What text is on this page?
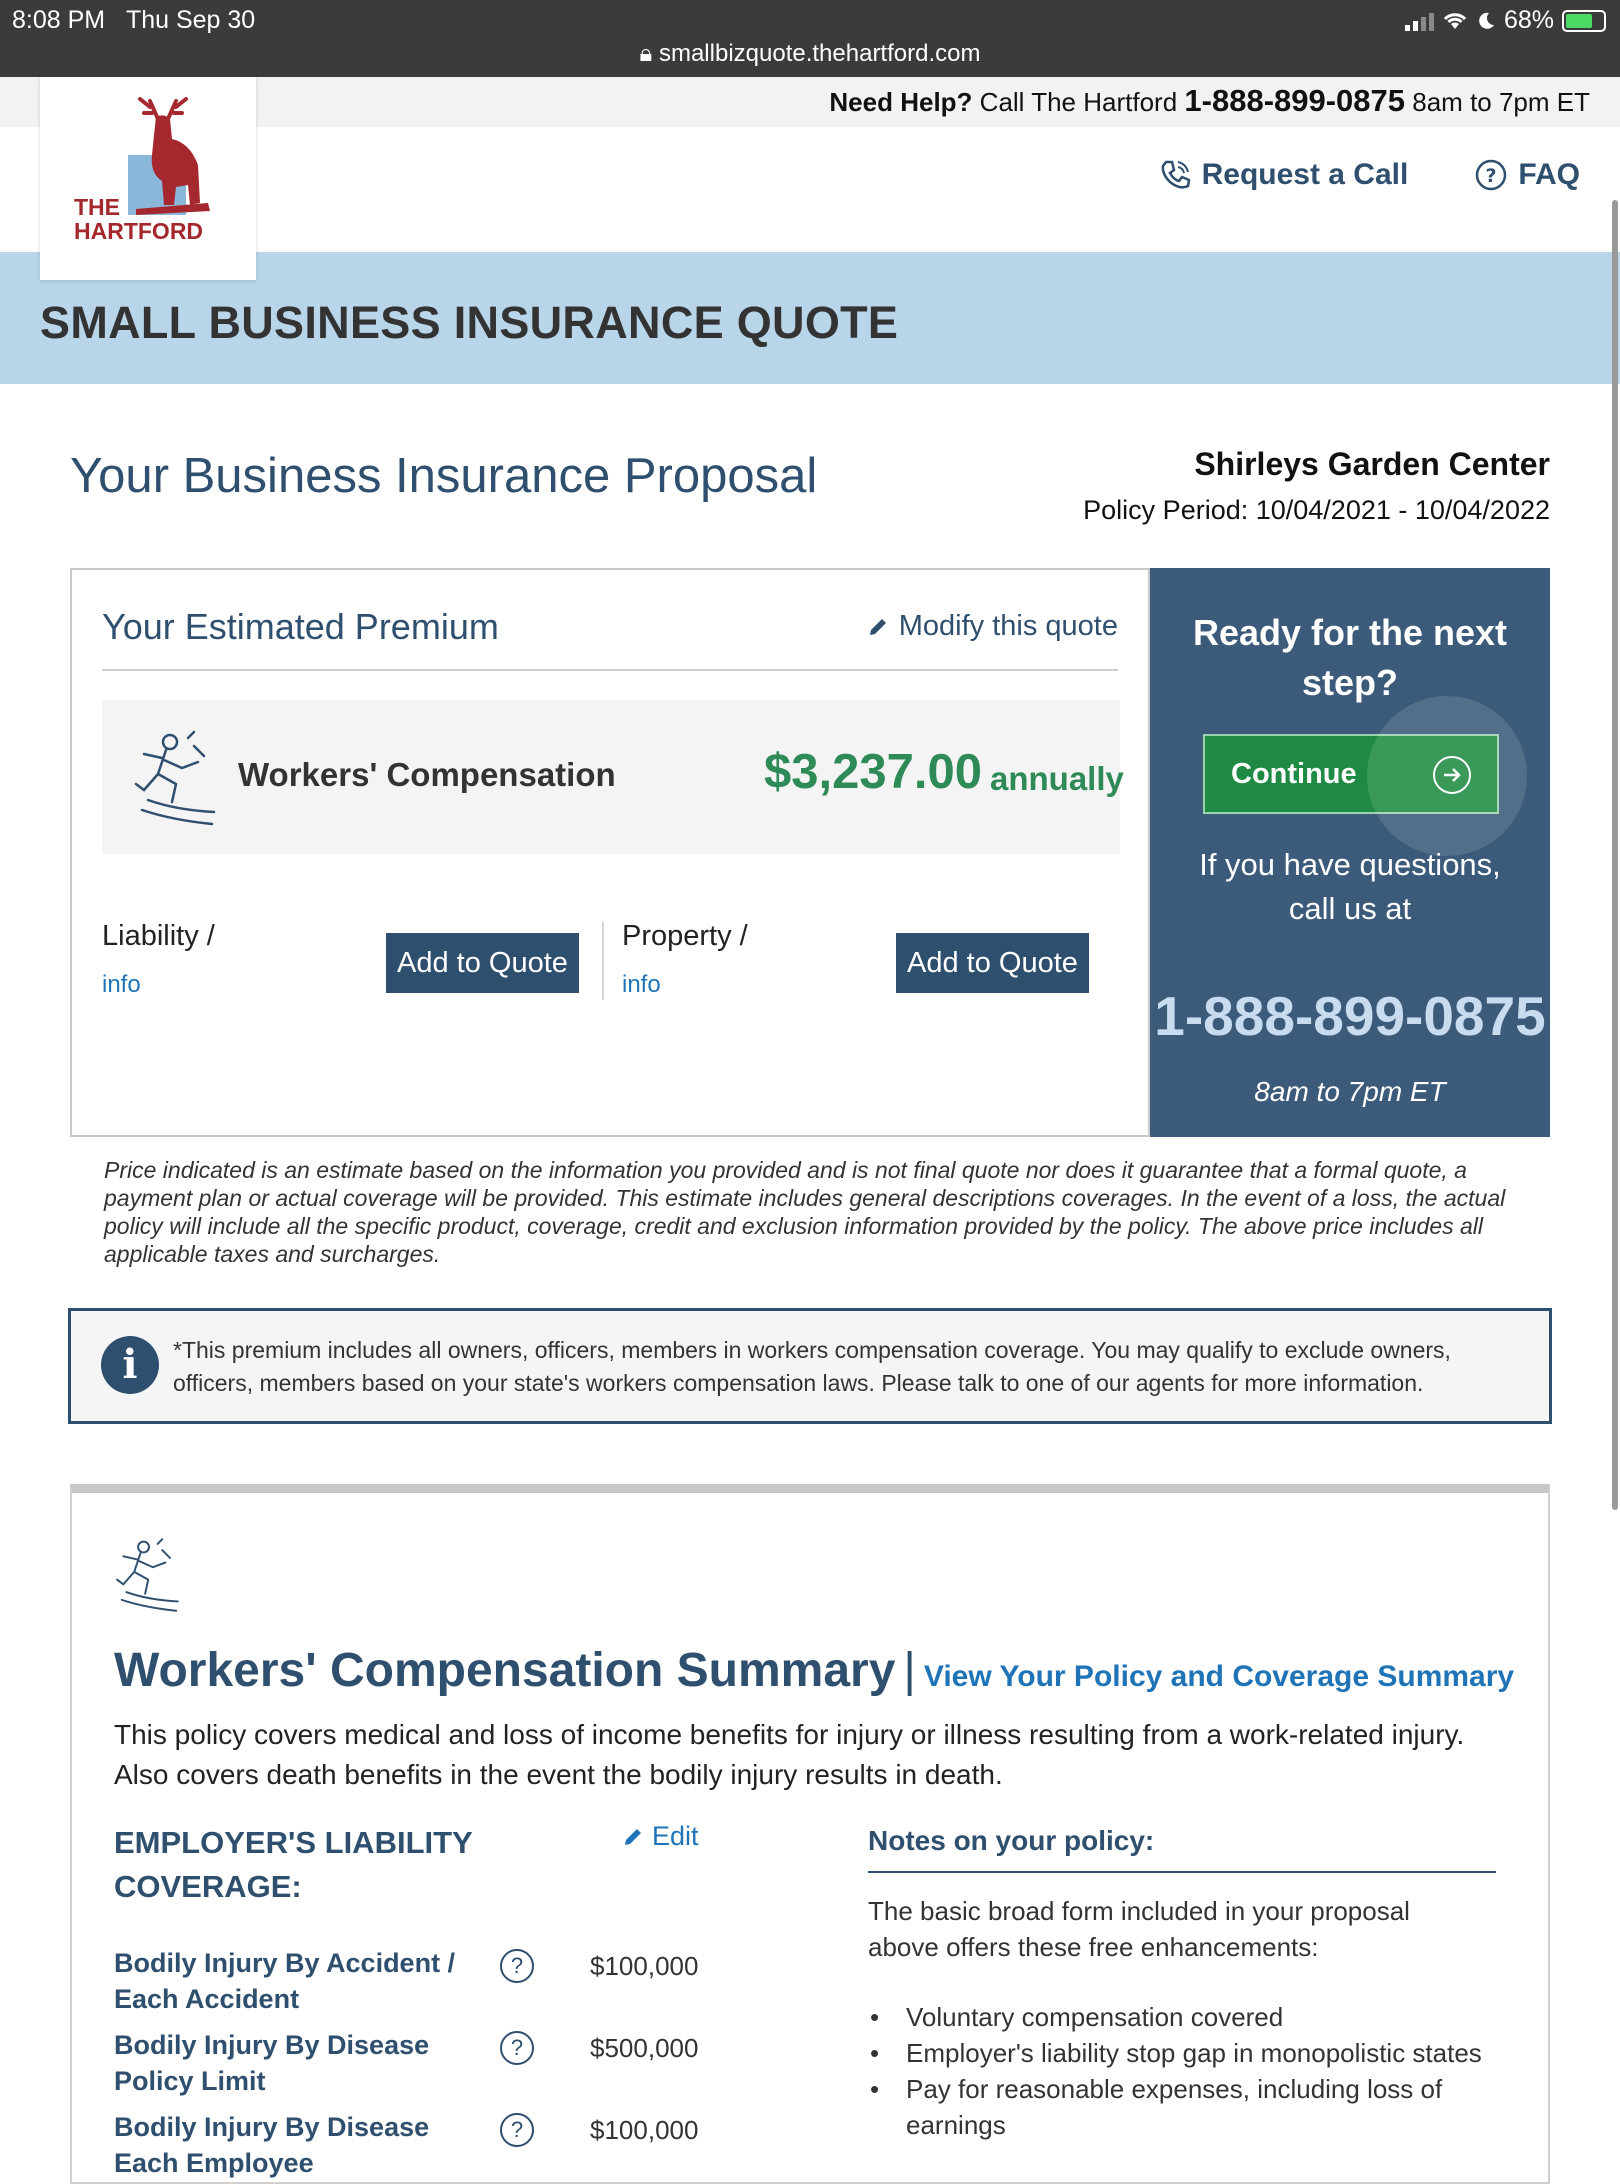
8:08 PM Thu Sep 30	68%
🔒︎ smallbizquote.thehartford.com
Need Help? Call The Hartford 1-888-899-0875 8am to 7pm ET
THE
HARTFORD
Request a Call	? FAQ
SMALL BUSINESS INSURANCE QUOTE
Your Business Insurance Proposal	Shirleys Garden Center
Policy Period: 10/04/2021 - 10/04/2022
Your Estimated Premium	Modify this quote
Workers' Compensation	$3,237.00 annually
Liability /
info
Add to Quote
Property /
info
Add to Quote
Ready for the next step?
Continue
If you have questions, call us at
1-888-899-0875
8am to 7pm ET
Price indicated is an estimate based on the information you provided and is not final quote nor does it guarantee that a formal quote, a payment plan or actual coverage will be provided. This estimate includes general descriptions coverages. In the event of a loss, the actual policy will include all the specific product, coverage, credit and exclusion information provided by the policy. The above price includes all applicable taxes and surcharges.
i	*This premium includes all owners, officers, members in workers compensation coverage. You may qualify to exclude owners, officers, members based on your state's workers compensation laws. Please talk to one of our agents for more information.
Workers' Compensation Summary | View Your Policy and Coverage Summary
This policy covers medical and loss of income benefits for injury or illness resulting from a work-related injury. Also covers death benefits in the event the bodily injury results in death.
EMPLOYER'S LIABILITY COVERAGE:
Edit
Bodily Injury By Accident / Each Accident
?	$100,000
Bodily Injury By Disease Policy Limit
?	$500,000
Bodily Injury By Disease Each Employee
?	$100,000
Notes on your policy:
The basic broad form included in your proposal above offers these free enhancements:
• Voluntary compensation covered
• Employer's liability stop gap in monopolistic states
• Pay for reasonable expenses, including loss of earnings
